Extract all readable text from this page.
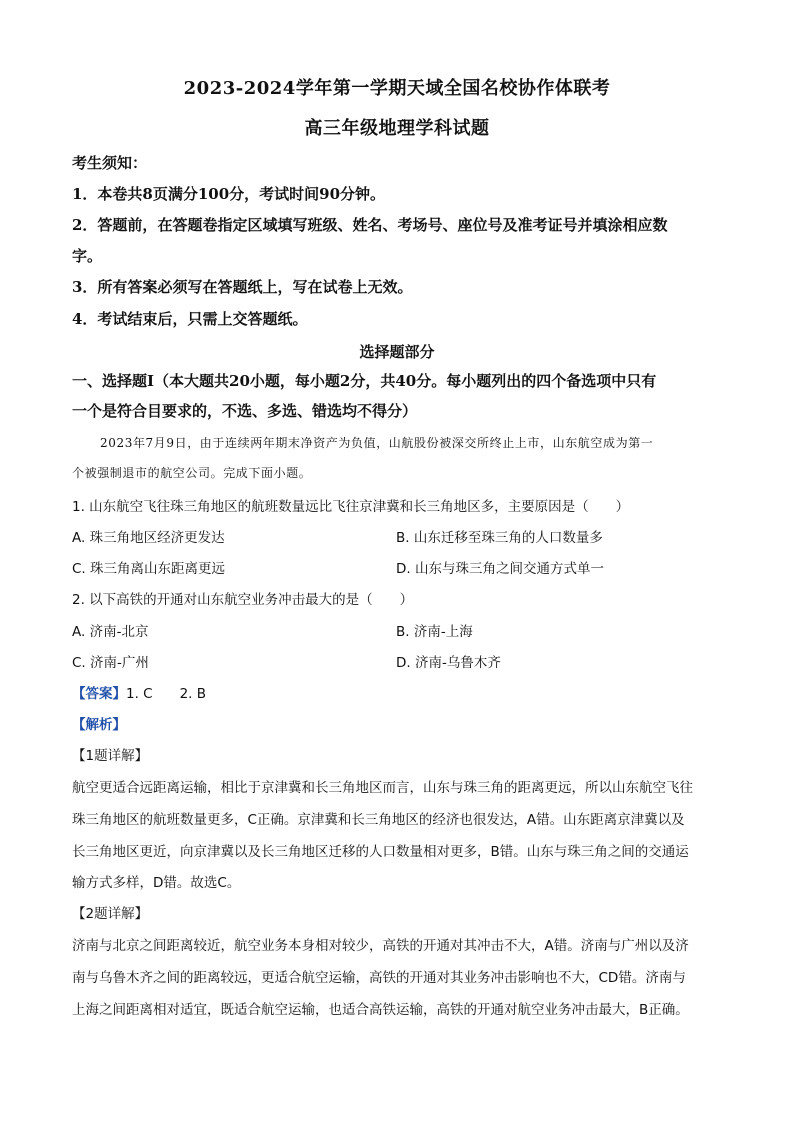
2023-2024学年第一学期天域全国名校协作体联考
高三年级地理学科试题
考生须知：
1．本卷共8页满分100分，考试时间90分钟。
2．答题前，在答题卷指定区域填写班级、姓名、考场号、座位号及准考证号并填涂相应数
字。
3．所有答案必须写在答题纸上，写在试卷上无效。
4．考试结束后，只需上交答题纸。
选择题部分
一、选择题Ⅰ（本大题共20小题，每小题2分，共40分。每小题列出的四个备选项中只有
一个是符合目要求的，不选、多选、错选均不得分）
2023年7月9日，由于连续两年期末净资产为负值，山航股份被深交所终止上市，山东航空成为第一
个被强制退市的航空公司。完成下面小题。
1. 山东航空飞往珠三角地区的航班数量远比飞往京津冀和长三角地区多，主要原因是（　　）
A. 珠三角地区经济更发达	B. 山东迁移至珠三角的人口数量多
C. 珠三角离山东距离更远	D. 山东与珠三角之间交通方式单一
2. 以下高铁的开通对山东航空业务冲击最大的是（　　）
A. 济南-北京	B. 济南-上海
C. 济南-广州	D. 济南-乌鲁木齐
【答案】1. C　　2. B
【解析】
【1题详解】
航空更适合远距离运输，相比于京津冀和长三角地区而言，山东与珠三角的距离更远，所以山东航空飞往
珠三角地区的航班数量更多，C正确。京津冀和长三角地区的经济也很发达，A错。山东距离京津冀以及
长三角地区更近，向京津冀以及长三角地区迁移的人口数量相对更多，B错。山东与珠三角之间的交通运
输方式多样，D错。故选C。
【2题详解】
济南与北京之间距离较近，航空业务本身相对较少，高铁的开通对其冲击不大，A错。济南与广州以及济
南与乌鲁木齐之间的距离较远，更适合航空运输，高铁的开通对其业务冲击影响也不大，CD错。济南与
上海之间距离相对适宜，既适合航空运输，也适合高铁运输，高铁的开通对航空业务冲击最大，B正确。
